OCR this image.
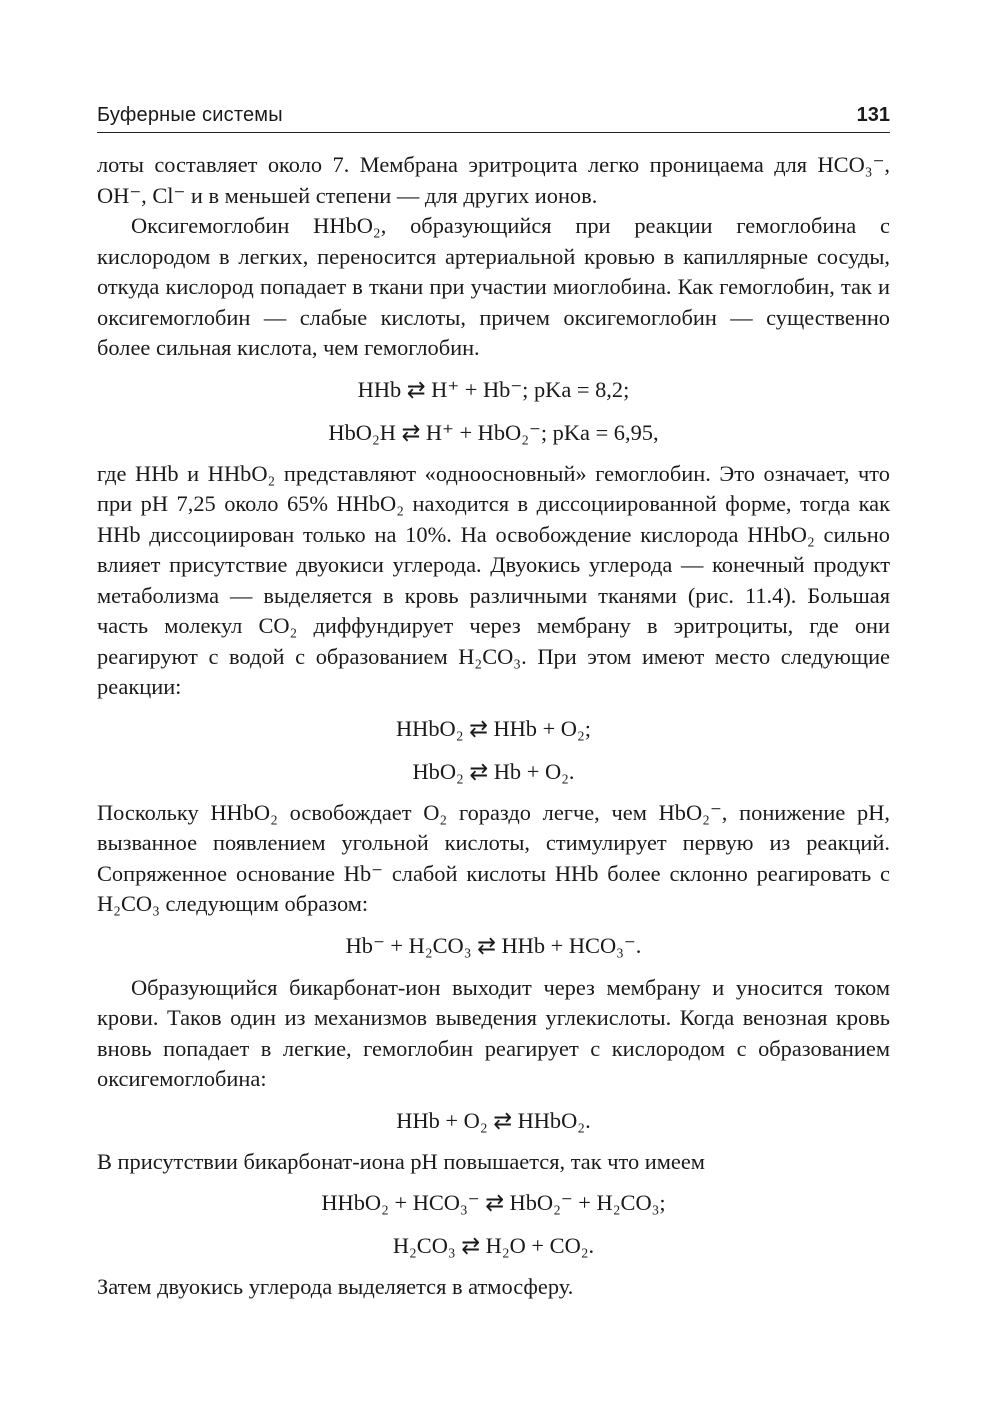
Буферные системы	131

лоты составляет около 7. Мембрана эритроцита легко проницаема для HCO₃⁻, OH⁻, Cl⁻ и в меньшей степени — для других ионов.

Оксигемоглобин HHbO₂, образующийся при реакции гемоглобина с кислородом в легких, переносится артериальной кровью в капиллярные сосуды, откуда кислород попадает в ткани при участии миоглобина. Как гемоглобин, так и оксигемоглобин — слабые кислоты, причем оксигемоглобин — существенно более сильная кислота, чем гемоглобин.

HHb ⇄ H⁺ + Hb⁻; pKa = 8,2;
HbO₂H ⇄ H⁺ + HbO₂⁻; pKa = 6,95,

где HHb и HHbO₂ представляют «одноосновный» гемоглобин. Это означает, что при pH 7,25 около 65% HHbO₂ находится в диссоциированной форме, тогда как HHb диссоциирован только на 10%. На освобождение кислорода HHbO₂ сильно влияет присутствие двуокиси углерода. Двуокись углерода — конечный продукт метаболизма — выделяется в кровь различными тканями (рис. 11.4). Большая часть молекул CO₂ диффундирует через мембрану в эритроциты, где они реагируют с водой с образованием H₂CO₃. При этом имеют место следующие реакции:

HHbO₂ ⇄ HHb + O₂;
HbO₂ ⇄ Hb + O₂.

Поскольку HHbO₂ освобождает O₂ гораздо легче, чем HbO₂⁻, понижение pH, вызванное появлением угольной кислоты, стимулирует первую из реакций. Сопряженное основание Hb⁻ слабой кислоты HHb более склонно реагировать с H₂CO₃ следующим образом:

Hb⁻ + H₂CO₃ ⇄ HHb + HCO₃⁻.

Образующийся бикарбонат-ион выходит через мембрану и уносится током крови. Таков один из механизмов выведения углекислоты. Когда венозная кровь вновь попадает в легкие, гемоглобин реагирует с кислородом с образованием оксигемоглобина:

HHb + O₂ ⇄ HHbO₂.

В присутствии бикарбонат-иона pH повышается, так что имеем

HHbO₂ + HCO₃⁻ ⇄ HbO₂⁻ + H₂CO₃;
H₂CO₃ ⇄ H₂O + CO₂.

Затем двуокись углерода выделяется в атмосферу.
